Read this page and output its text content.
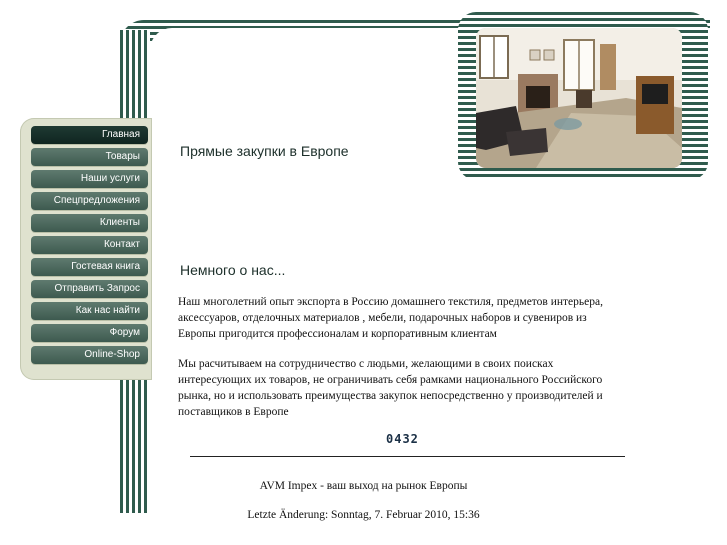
Главная
Товары
Наши услуги
Спецпредложения
Клиенты
Контакт
Гостевая книга
Отправить Запрос
Как нас найти
Форум
Online-Shop
Прямые закупки в Европе
Немного о нас...

Наш многолетний опыт экспорта в Россию домашнего текстиля, предметов интерьера, аксессуаров, отделочных материалов , мебели, подарочных наборов и сувениров из Европы пригодится профессионалам и корпоративным клиентам

Мы расчитываем на сотрудничество с людьми, желающими в своих поисках интересующих их товаров, не ограничивать себя рамками национального Российского рынка, но и использовать преимущества закупок непосредственно у производителей и поставщиков в Европе

0432
AVM Impex - ваш выход на рынок Европы
Letzte Änderung: Sonntag, 7. Februar 2010, 15:36
